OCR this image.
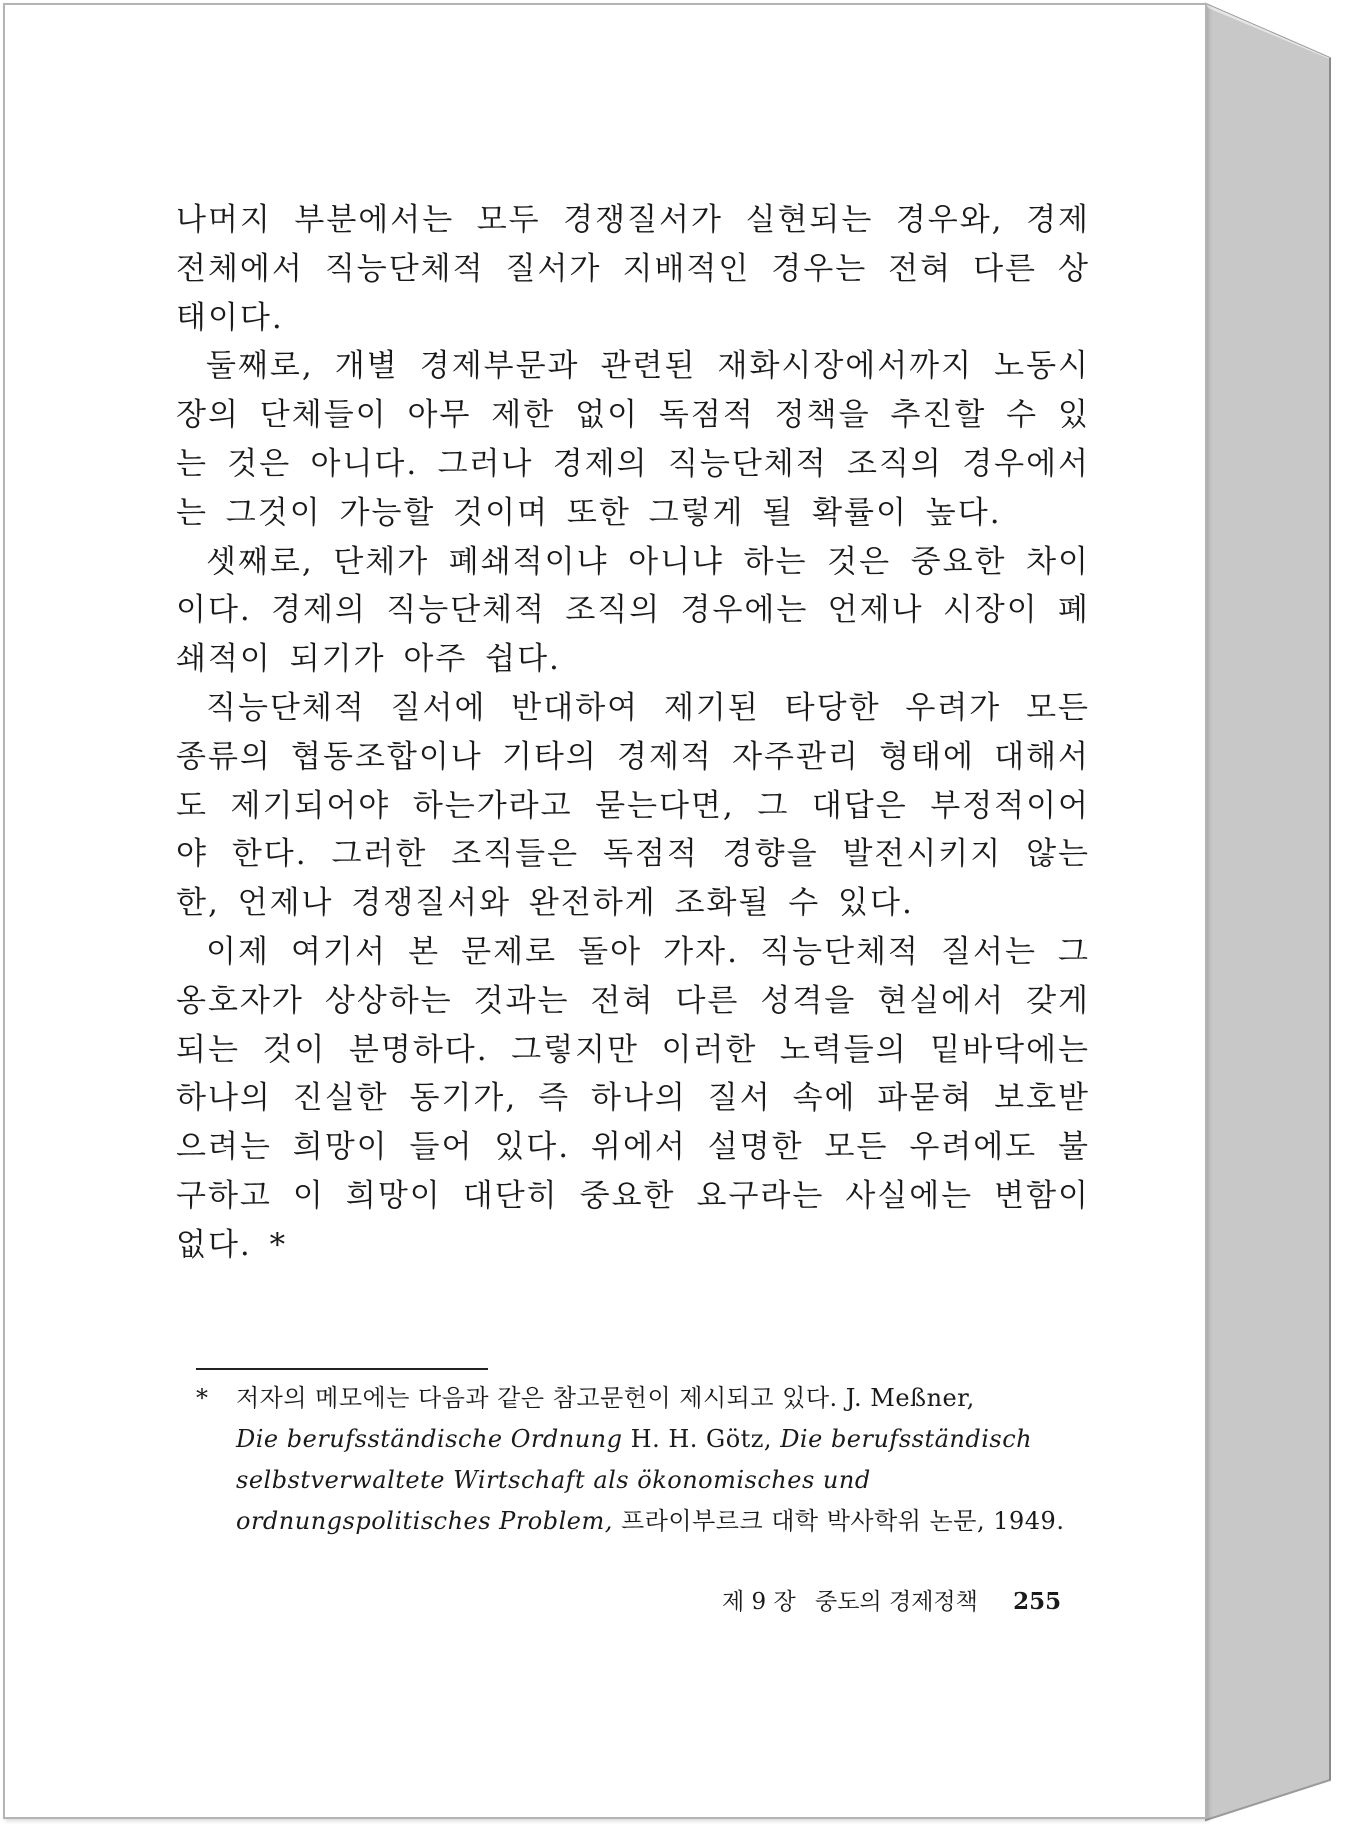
나머지 부분에서는 모두 경쟁질서가 실현되는 경우와, 경제 전체에서 직능단체적 질서가 지배적인 경우는 전혀 다른 상태이다.

둘째로, 개별 경제부문과 관련된 재화시장에서까지 노동시장의 단체들이 아무 제한 없이 독점적 정책을 추진할 수 있는 것은 아니다. 그러나 경제의 직능단체적 조직의 경우에서는 그것이 가능할 것이며 또한 그렇게 될 확률이 높다.

셋째로, 단체가 폐쇄적이냐 아니냐 하는 것은 중요한 차이이다. 경제의 직능단체적 조직의 경우에는 언제나 시장이 폐쇄적이 되기가 아주 쉽다.

직능단체적 질서에 반대하여 제기된 타당한 우려가 모든 종류의 협동조합이나 기타의 경제적 자주관리 형태에 대해서도 제기되어야 하는가라고 묻는다면, 그 대답은 부정적이어야 한다. 그러한 조직들은 독점적 경향을 발전시키지 않는 한, 언제나 경쟁질서와 완전하게 조화될 수 있다.

이제 여기서 본 문제로 돌아 가자. 직능단체적 질서는 그 옹호자가 상상하는 것과는 전혀 다른 성격을 현실에서 갖게 되는 것이 분명하다. 그렇지만 이러한 노력들의 밑바닥에는 하나의 진실한 동기가, 즉 하나의 질서 속에 파묻혀 보호받으려는 희망이 들어 있다. 위에서 설명한 모든 우려에도 불구하고 이 희망이 대단히 중요한 요구라는 사실에는 변함이 없다. *

* 저자의 메모에는 다음과 같은 참고문헌이 제시되고 있다. J. Meßner,
Die berufsständische Ordnung H. H. Götz, Die berufsständisch selbstverwaltete Wirtschaft als ökonomisches und ordnungspolitisches Problem, 프라이부르크 대학 박사학위 논문, 1949.
제 9 장 중도의 경제정책 255
